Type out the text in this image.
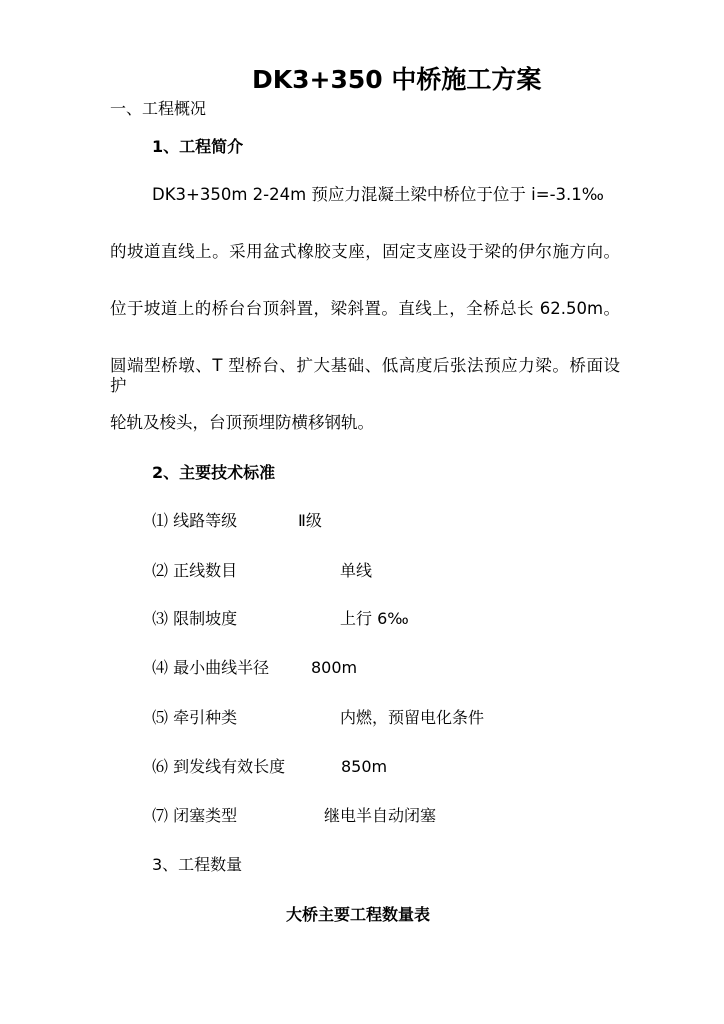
DK3+350 中桥施工方案
一、工程概况
1、工程简介
DK3+350m 2-24m 预应力混凝土梁中桥位于位于 i=-3.1‰
的坡道直线上。采用盆式橡胶支座，固定支座设于梁的伊尔施方向。
位于坡道上的桥台台顶斜置，梁斜置。直线上，全桥总长 62.50m。
圆端型桥墩、T 型桥台、扩大基础、低高度后张法预应力梁。桥面设护
轮轨及梭头，台顶预埋防横移钢轨。
2、主要技术标准
⑴ 线路等级	Ⅱ级
⑵ 正线数目	单线
⑶ 限制坡度	上行 6‰
⑷ 最小曲线半径	800m
⑸ 牵引种类	内燃，预留电化条件
⑹ 到发线有效长度	850m
⑺ 闭塞类型	继电半自动闭塞
3、工程数量
大桥主要工程数量表
